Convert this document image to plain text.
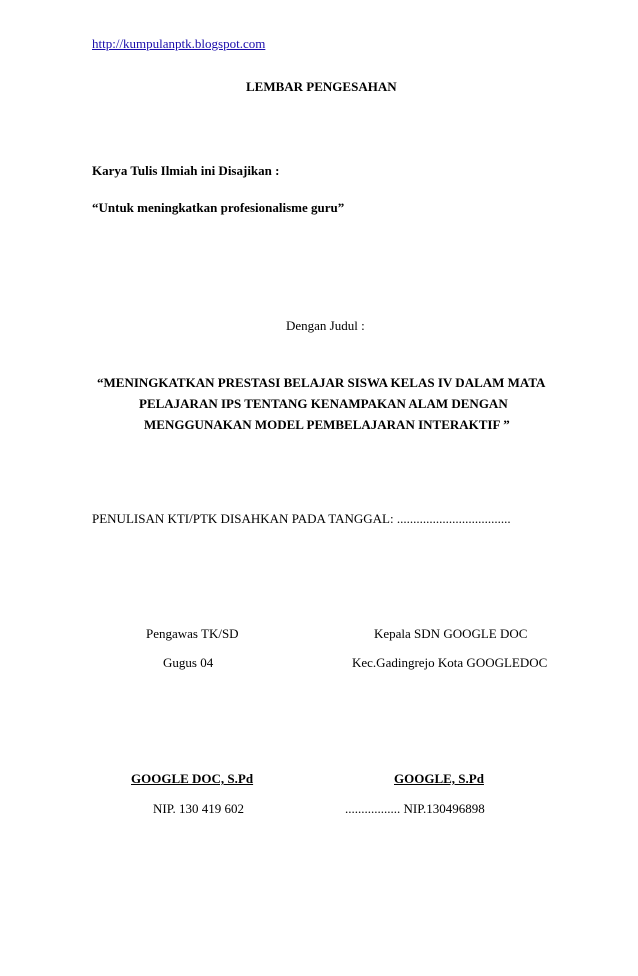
http://kumpulanptk.blogspot.com
LEMBAR PENGESAHAN
Karya Tulis Ilmiah ini Disajikan :
“Untuk meningkatkan profesionalisme guru”
Dengan Judul :
“MENINGKATKAN PRESTASI BELAJAR SISWA KELAS IV DALAM MATA
PELAJARAN IPS TENTANG KENAMPAKAN ALAM DENGAN
MENGGUNAKAN MODEL PEMBELAJARAN INTERAKTIF ”
PENULISAN KTI/PTK DISAHKAN PADA TANGGAL: ...................................
Pengawas TK/SD
Gugus 04
GOOGLE DOC, S.Pd
NIP. 130 419 602
Kepala SDN GOOGLE DOC
Kec.Gadingrejo Kota GOOGLEDOC
GOOGLE, S.Pd
................. NIP.130496898
